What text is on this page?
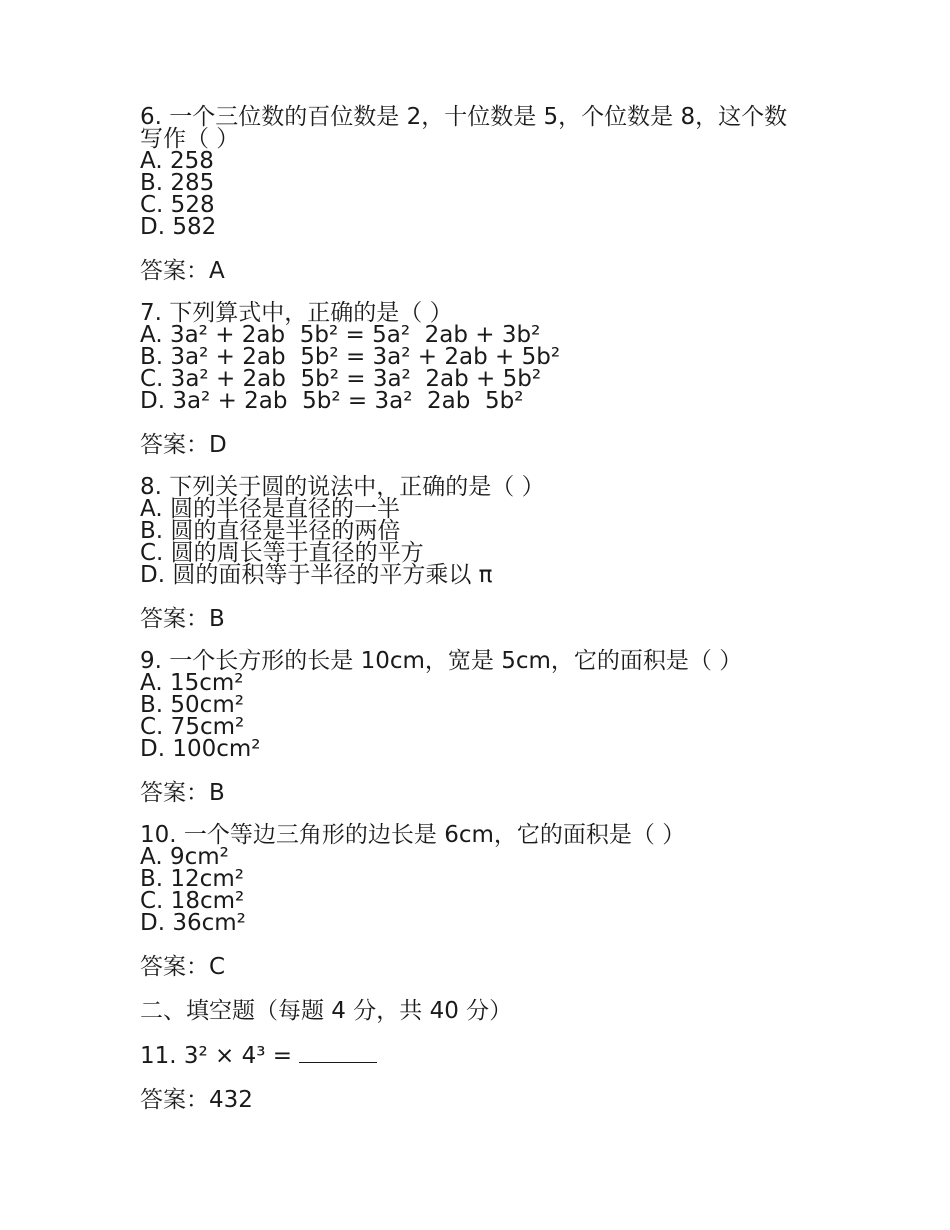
6. 一个三位数的百位数是 2，十位数是 5，个位数是 8，这个数写作（ ）
A. 258
B. 285
C. 528
D. 582
答案：A
7. 下列算式中，正确的是（ ）
A. 3a² + 2ab  5b² = 5a²  2ab + 3b²
B. 3a² + 2ab  5b² = 3a² + 2ab + 5b²
C. 3a² + 2ab  5b² = 3a²  2ab + 5b²
D. 3a² + 2ab  5b² = 3a²  2ab  5b²
答案：D
8. 下列关于圆的说法中，正确的是（ ）
A. 圆的半径是直径的一半
B. 圆的直径是半径的两倍
C. 圆的周长等于直径的平方
D. 圆的面积等于半径的平方乘以 π
答案：B
9. 一个长方形的长是 10cm，宽是 5cm，它的面积是（ ）
A. 15cm²
B. 50cm²
C. 75cm²
D. 100cm²
答案：B
10. 一个等边三角形的边长是 6cm，它的面积是（ ）
A. 9cm²
B. 12cm²
C. 18cm²
D. 36cm²
答案：C
二、填空题（每题 4 分，共 40 分）
11. 3² × 4³ =
答案：432
